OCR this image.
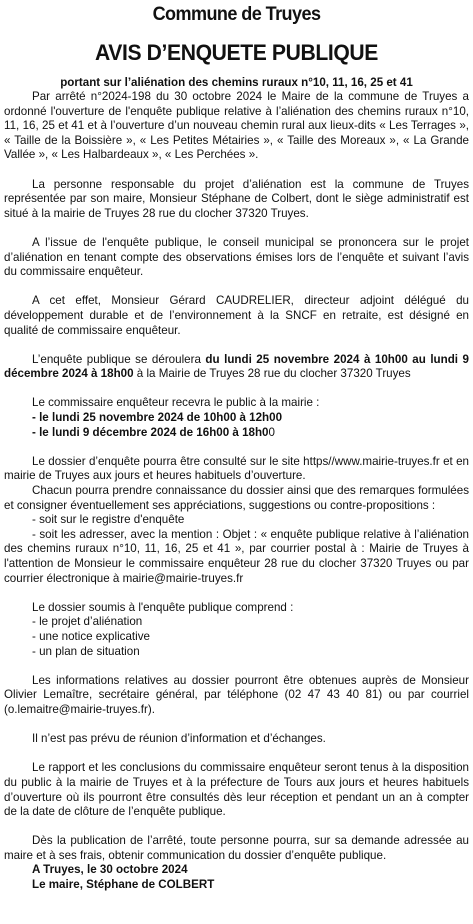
Commune de Truyes
AVIS D’ENQUETE PUBLIQUE
portant sur l’aliénation des chemins ruraux n°10, 11, 16, 25 et 41

Par arrêté n°2024-198 du 30 octobre 2024 le Maire de la commune de Truyes a ordonné l'ouverture de l'enquête publique relative à l’aliénation des chemins ruraux n°10, 11, 16, 25 et 41 et à l’ouverture d’un nouveau chemin rural aux lieux-dits « Les Terrages », « Taille de la Boissière », « Les Petites Métairies », « Taille des Moreaux », « La Grande Vallée », « Les Halbardeaux », « Les Perchées ».

La personne responsable du projet d’aliénation est la commune de Truyes représentée par son maire, Monsieur Stéphane de Colbert, dont le siège administratif est situé à la mairie de Truyes 28 rue du clocher 37320 Truyes.

A l’issue de l'enquête publique, le conseil municipal se prononcera sur le projet d’aliénation en tenant compte des observations émises lors de l’enquête et suivant l’avis du commissaire enquêteur.

A cet effet, Monsieur Gérard CAUDRELIER, directeur adjoint délégué du développement durable et de l’environnement à la SNCF en retraite, est désigné en qualité de commissaire enquêteur.

L’enquête publique se déroulera du lundi 25 novembre 2024 à 10h00 au lundi 9 décembre 2024 à 18h00 à la Mairie de Truyes 28 rue du clocher 37320 Truyes

Le commissaire enquêteur recevra le public à la mairie :

- le lundi 25 novembre 2024 de 10h00 à 12h00
- le lundi 9 décembre 2024 de 16h00 à 18h00

Le dossier d’enquête pourra être consulté sur le site https//www.mairie-truyes.fr et en mairie de Truyes aux jours et heures habituels d’ouverture.

Chacun pourra prendre connaissance du dossier ainsi que des remarques formulées et consigner éventuellement ses appréciations, suggestions ou contre-propositions :

- soit sur le registre d'enquête

- soit les adresser, avec la mention : Objet : « enquête publique relative à l’aliénation des chemins ruraux n°10, 11, 16, 25 et 41 », par courrier postal à : Mairie de Truyes à l'attention de Monsieur le commissaire enquêteur 28 rue du clocher 37320 Truyes ou par courrier électronique à mairie@mairie-truyes.fr

Le dossier soumis à l'enquête publique comprend :

- le projet d’aliénation
- une notice explicative
- un plan de situation

Les informations relatives au dossier pourront être obtenues auprès de Monsieur Olivier Lemaître, secrétaire général, par téléphone (02 47 43 40 81) ou par courriel (o.lemaitre@mairie-truyes.fr).

Il n’est pas prévu de réunion d’information et d’échanges.

Le rapport et les conclusions du commissaire enquêteur seront tenus à la disposition du public à la mairie de Truyes et à la préfecture de Tours aux jours et heures habituels d’ouverture où ils pourront être consultés dès leur réception et pendant un an à compter de la date de clôture de l’enquête publique.

Dès la publication de l’arrêté, toute personne pourra, sur sa demande adressée au maire et à ses frais, obtenir communication du dossier d’enquête publique.

A Truyes, le 30 octobre 2024
Le maire, Stéphane de COLBERT
